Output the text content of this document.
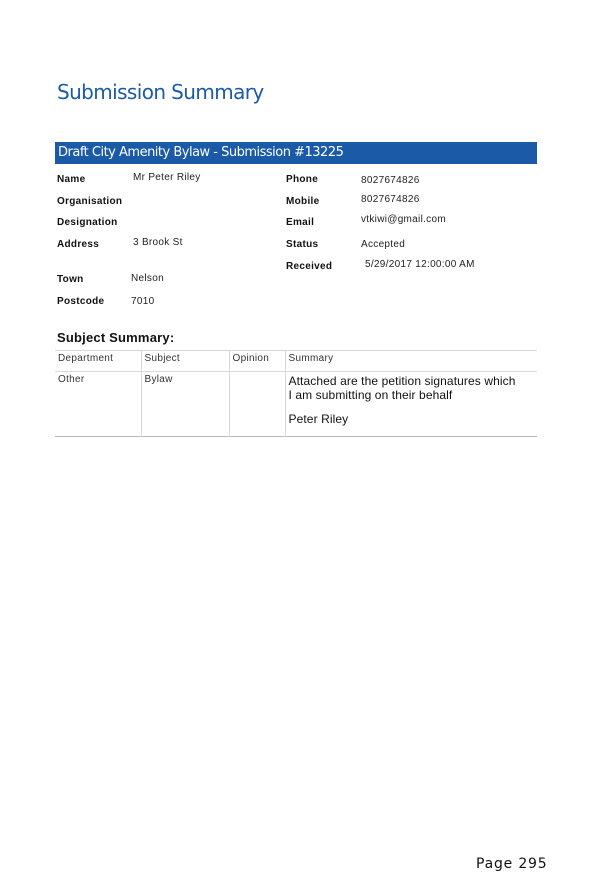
Submission Summary
Draft City Amenity Bylaw - Submission #13225
Name	Mr Peter Riley
Organisation
Designation
Address	3 Brook St
Town	Nelson
Postcode	7010
Phone	8027674826
Mobile	8027674826
Email	vtkiwi@gmail.com
Status	Accepted
Received	5/29/2017 12:00:00 AM
Subject Summary:
Department	Subject	Opinion	Summary
Other	Bylaw		Attached are the petition signatures which
I am submitting on their behalf
Peter Riley
Page 295
